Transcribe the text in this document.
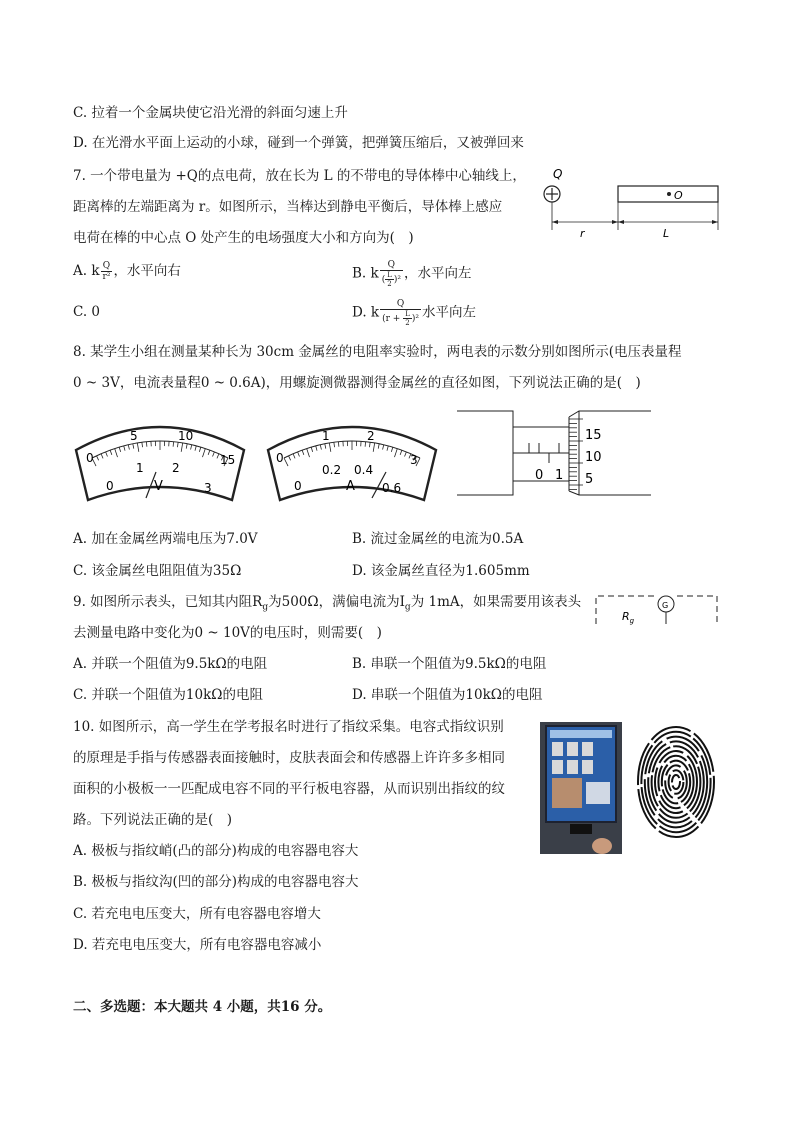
C. 拉着一个金属块使它沿光滑的斜面匀速上升
D. 在光滑水平面上运动的小球，碰到一个弹簧，把弹簧压缩后，又被弹回来
7. 一个带电量为 +Q的点电荷，放在长为 L 的不带电的导体棒中心轴线上，
距离棒的左端距离为 r。如图所示，当棒达到静电平衡后，导体棒上感应
电荷在棒的中心点 O 处产生的电场强度大小和方向为(　)
A. k $\frac{Q}{\text{r²}}$ ，水平向右	B. k $\frac{Q}{( \frac{L}{2} )^2}$ ，水平向左
C. 0	D. k $\frac{Q}{(r + \frac{L}{2} )^2}$ 水平向左
Q
O
r	L
8. 某学生小组在测量某种长为 30cm 金属丝的电阻率实验时，两电表的示数分别如图所示(电压表量程
0 ~ 3V，电流表量程0 ~ 0.6A)，用螺旋测微器测得金属丝的直径如图，下列说法正确的是(　)
0
5	10
15
0
1 2
3
V
0
1	2
3
0
0.2 0.4
0.6
A
0 1
15
10
5
A. 加在金属丝两端电压为7.0V	B. 流过金属丝的电流为0.5A
C. 该金属丝电阻阻值为35Ω	D. 该金属丝直径为1.605mm
9. 如图所示表头，已知其内阻$R_g$为500Ω，满偏电流为$I_g$为 1mA，如果需要用该表头
去测量电路中变化为0 ~ 10V的电压时，则需要(　)
G
$R_g$
A. 并联一个阻值为9.5kΩ的电阻	B. 串联一个阻值为9.5kΩ的电阻
C. 并联一个阻值为10kΩ的电阻	D. 串联一个阻值为10kΩ的电阻
10. 如图所示，高一学生在学考报名时进行了指纹采集。电容式指纹识别
的原理是手指与传感器表面接触时，皮肤表面会和传感器上许许多多相同
面积的小极板一一匹配成电容不同的平行板电容器，从而识别出指纹的纹
路。下列说法正确的是(　)
A. 极板与指纹峭(凸的部分)构成的电容器电容大
B. 极板与指纹沟(凹的部分)构成的电容器电容大
C. 若充电电压变大，所有电容器电容增大
D. 若充电电压变大，所有电容器电容减小
二、多选题：本大题共 4 小题，共16 分。
